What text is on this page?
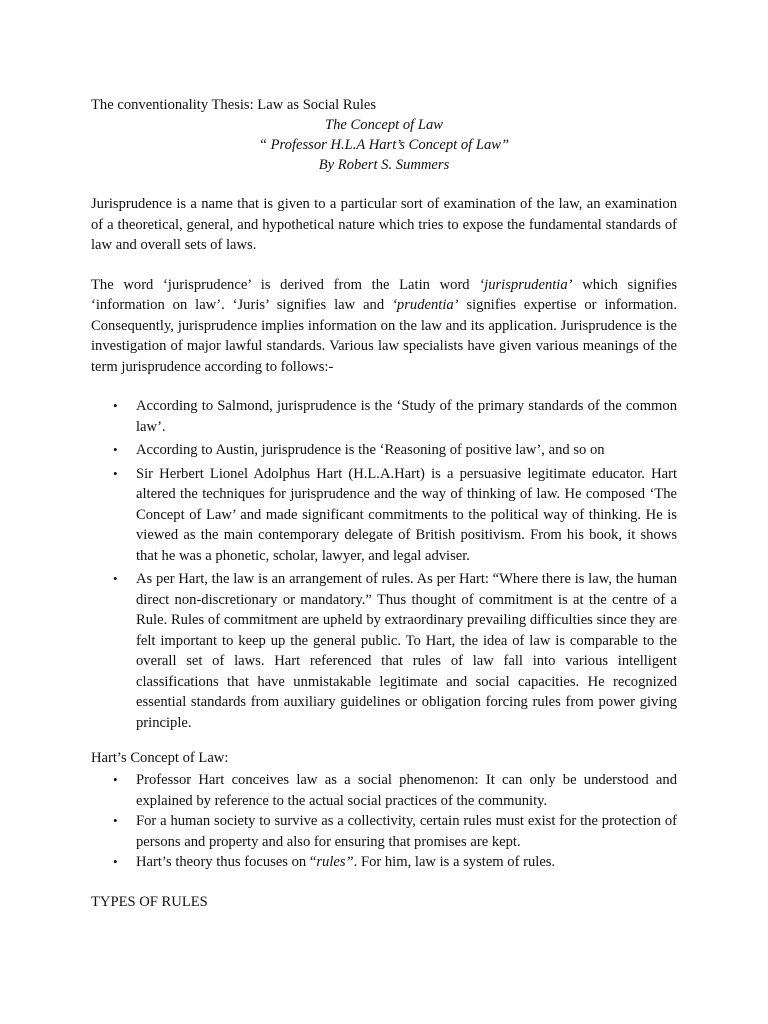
The conventionality Thesis: Law as Social Rules

The Concept of Law

“ Professor H.L.A Hart’s Concept of Law”

By Robert S. Summers

Jurisprudence is a name that is given to a particular sort of examination of the law, an examination of a theoretical, general, and hypothetical nature which tries to expose the fundamental standards of law and overall sets of laws.

The word ‘jurisprudence’ is derived from the Latin word ‘jurisprudentia’ which signifies ‘information on law’. ‘Juris’ signifies law and ‘prudentia’ signifies expertise or information. Consequently, jurisprudence implies information on the law and its application. Jurisprudence is the investigation of major lawful standards. Various law specialists have given various meanings of the term jurisprudence according to follows:-

• According to Salmond, jurisprudence is the ‘Study of the primary standards of the common law’.
• According to Austin, jurisprudence is the ‘Reasoning of positive law’, and so on
• Sir Herbert Lionel Adolphus Hart (H.L.A.Hart) is a persuasive legitimate educator. Hart altered the techniques for jurisprudence and the way of thinking of law. He composed ‘The Concept of Law’ and made significant commitments to the political way of thinking. He is viewed as the main contemporary delegate of British positivism. From his book, it shows that he was a phonetic, scholar, lawyer, and legal adviser.
• As per Hart, the law is an arrangement of rules. As per Hart: “Where there is law, the human direct non-discretionary or mandatory.” Thus thought of commitment is at the centre of a Rule. Rules of commitment are upheld by extraordinary prevailing difficulties since they are felt important to keep up the general public. To Hart, the idea of law is comparable to the overall set of laws. Hart referenced that rules of law fall into various intelligent classifications that have unmistakable legitimate and social capacities. He recognized essential standards from auxiliary guidelines or obligation forcing rules from power giving principle.

Hart’s Concept of Law:

• Professor Hart conceives law as a social phenomenon: It can only be understood and explained by reference to the actual social practices of the community.
• For a human society to survive as a collectivity, certain rules must exist for the protection of persons and property and also for ensuring that promises are kept.
• Hart’s theory thus focuses on “rules”. For him, law is a system of rules.

TYPES OF RULES
